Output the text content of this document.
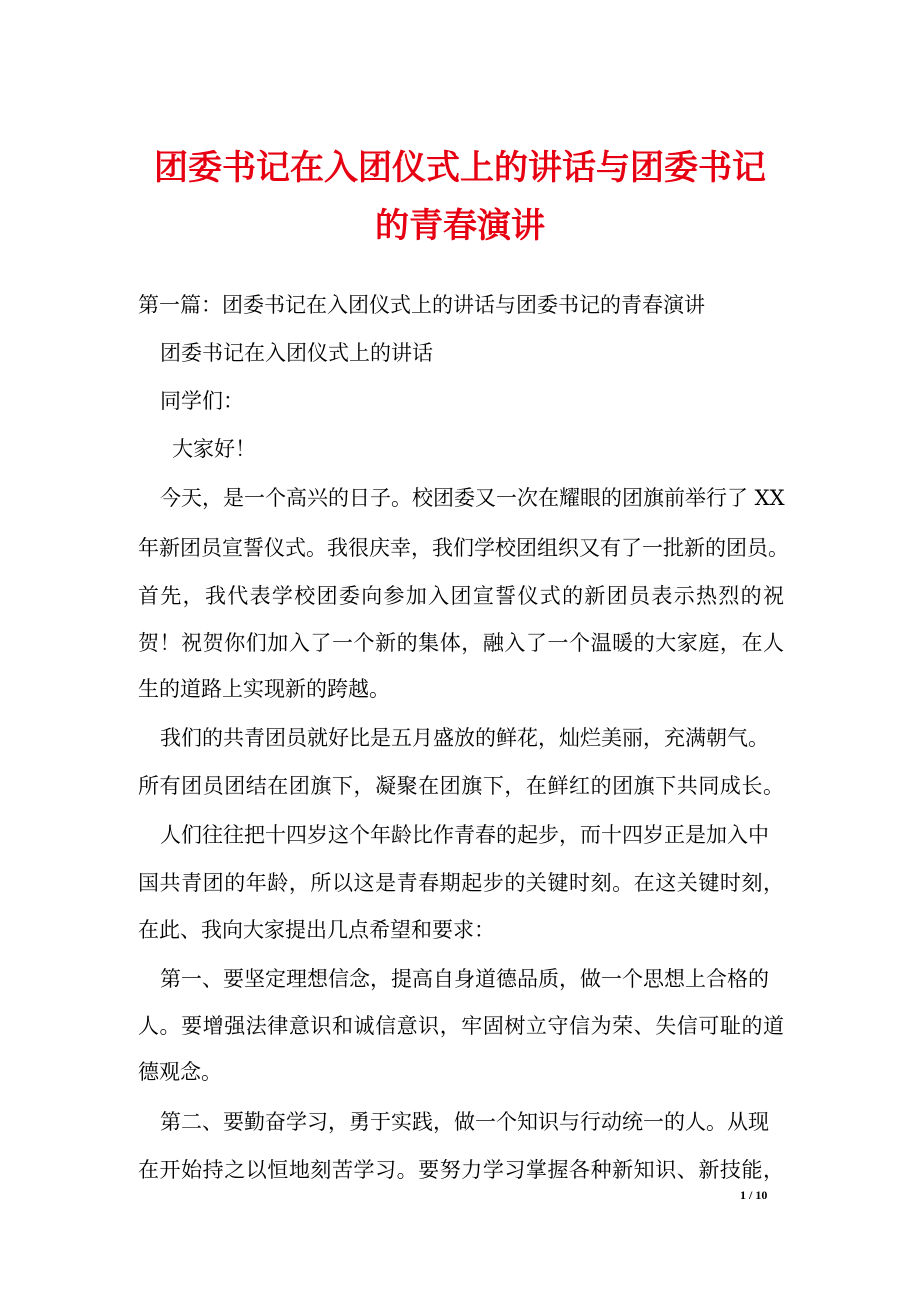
团委书记在入团仪式上的讲话与团委书记
的青春演讲
第一篇：团委书记在入团仪式上的讲话与团委书记的青春演讲
团委书记在入团仪式上的讲话
同学们：
大家好！
今天，是一个高兴的日子。校团委又一次在耀眼的团旗前举行了 XX
年新团员宣誓仪式。我很庆幸，我们学校团组织又有了一批新的团员。
首先，我代表学校团委向参加入团宣誓仪式的新团员表示热烈的祝
贺！祝贺你们加入了一个新的集体，融入了一个温暖的大家庭，在人
生的道路上实现新的跨越。
我们的共青团员就好比是五月盛放的鲜花，灿烂美丽，充满朝气。
所有团员团结在团旗下，凝聚在团旗下，在鲜红的团旗下共同成长。
人们往往把十四岁这个年龄比作青春的起步，而十四岁正是加入中
国共青团的年龄，所以这是青春期起步的关键时刻。在这关键时刻，
在此、我向大家提出几点希望和要求：
第一、要坚定理想信念，提高自身道德品质，做一个思想上合格的
人。要增强法律意识和诚信意识，牢固树立守信为荣、失信可耻的道
德观念。
第二、要勤奋学习，勇于实践，做一个知识与行动统一的人。从现
在开始持之以恒地刻苦学习。要努力学习掌握各种新知识、新技能，
1 / 10
